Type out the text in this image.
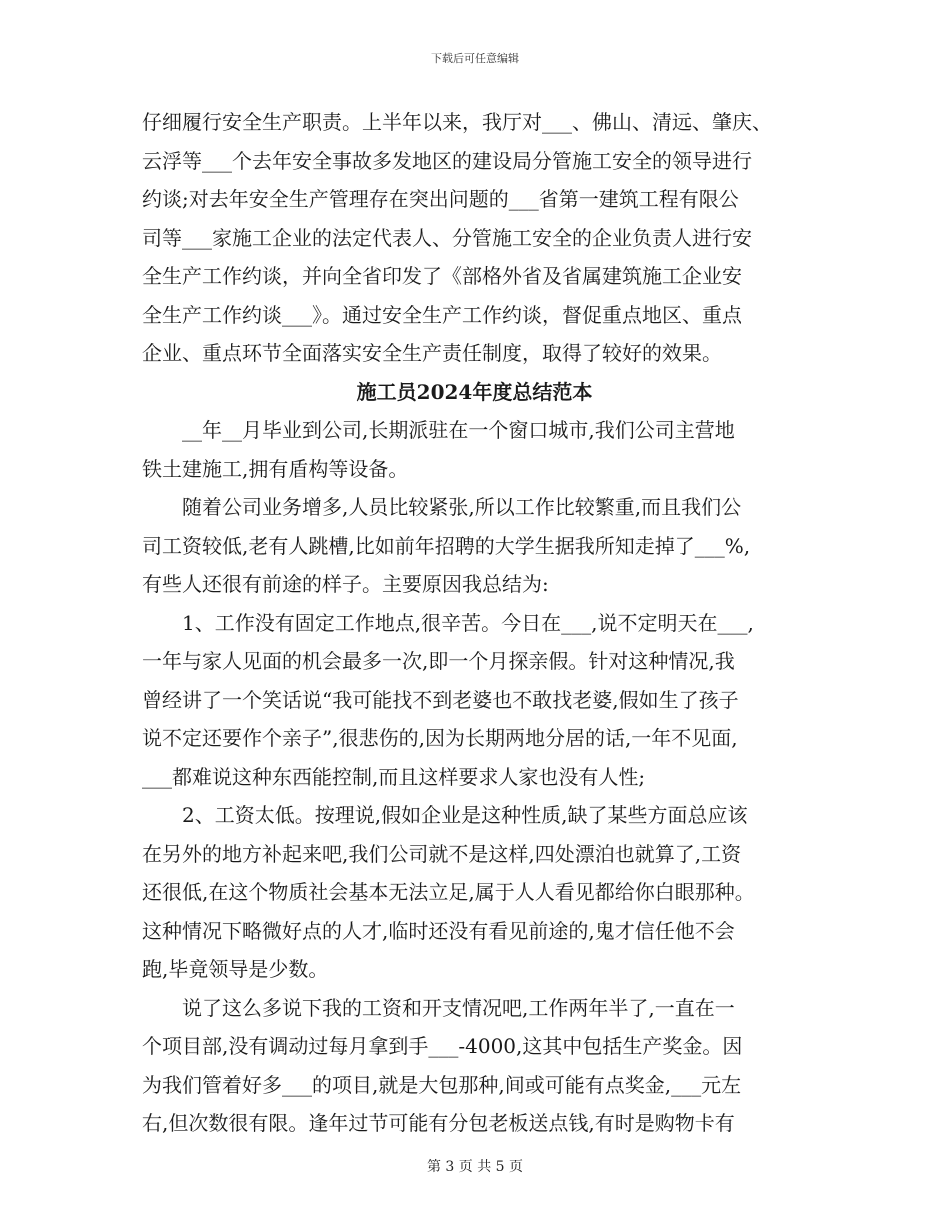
下载后可任意编辑
仔细履行安全生产职责。上半年以来，我厅对___、佛山、清远、肇庆、
云浮等___个去年安全事故多发地区的建设局分管施工安全的领导进行
约谈;对去年安全生产管理存在突出问题的___省第一建筑工程有限公
司等___家施工企业的法定代表人、分管施工安全的企业负责人进行安
全生产工作约谈，并向全省印发了《部格外省及省属建筑施工企业安
全生产工作约谈___》。通过安全生产工作约谈，督促重点地区、重点
企业、重点环节全面落实安全生产责任制度，取得了较好的效果。
施工员2024年度总结范本
__年__月毕业到公司,长期派驻在一个窗口城市,我们公司主营地
铁土建施工,拥有盾构等设备。
随着公司业务增多,人员比较紧张,所以工作比较繁重,而且我们公
司工资较低,老有人跳槽,比如前年招聘的大学生据我所知走掉了___%,
有些人还很有前途的样子。主要原因我总结为:
1、工作没有固定工作地点,很辛苦。今日在___,说不定明天在___,
一年与家人见面的机会最多一次,即一个月探亲假。针对这种情况,我
曾经讲了一个笑话说“我可能找不到老婆也不敢找老婆,假如生了孩子
说不定还要作个亲子”,很悲伤的,因为长期两地分居的话,一年不见面,
___都难说这种东西能控制,而且这样要求人家也没有人性;
2、工资太低。按理说,假如企业是这种性质,缺了某些方面总应该
在另外的地方补起来吧,我们公司就不是这样,四处漂泊也就算了,工资
还很低,在这个物质社会基本无法立足,属于人人看见都给你白眼那种。
这种情况下略微好点的人才,临时还没有看见前途的,鬼才信任他不会
跑,毕竟领导是少数。
说了这么多说下我的工资和开支情况吧,工作两年半了,一直在一
个项目部,没有调动过每月拿到手___-4000,这其中包括生产奖金。因
为我们管着好多___的项目,就是大包那种,间或可能有点奖金,___元左
右,但次数很有限。逢年过节可能有分包老板送点钱,有时是购物卡有
第 3 页 共 5 页
